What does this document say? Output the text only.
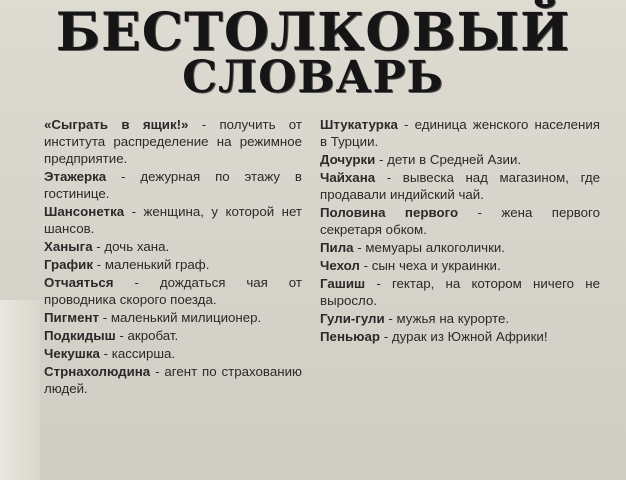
БЕСТОЛКОВЫЙ
СЛОВАРЬ

«Сыграть в ящик!» - получить от института распределение на режимное предприятие.

Этажерка - дежурная по этажу в гостинице.

Шансонетка - женщина, у которой нет шансов.

Ханыга - дочь хана.

График - маленький граф.

Отчаяться - дождаться чая от проводника скорого поезда.

Пигмент - маленький милиционер.

Подкидыш - акробат.

Чекушка - кассирша.

Стрнахолюдина - агент по страхованию людей.

Штукатурка - единица женского населения в Турции.

Дочурки - дети в Средней Азии.

Чайхана - вывеска над магазином, где продавали индийский чай.

Половина первого - жена первого секретаря обком.

Пила - мемуары алкоголички.

Чехол - сын чеха и украинки.

Гашиш - гектар, на котором ничего не выросло.

Гули-гули - мужья на курорте.

Пеньюар - дурак из Южной Африки!
